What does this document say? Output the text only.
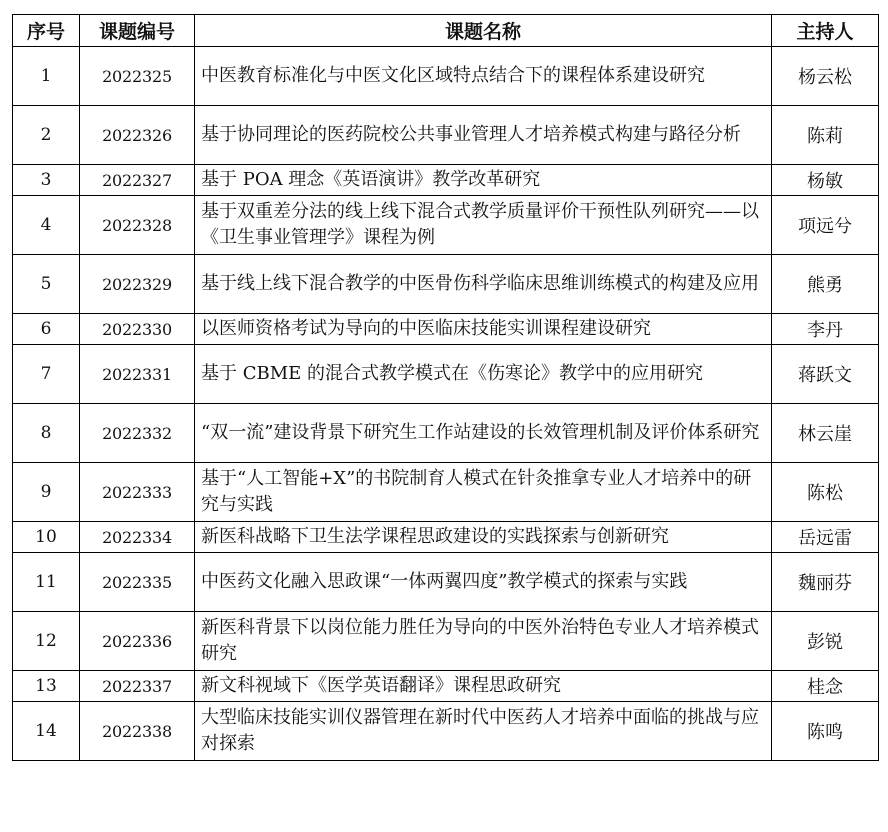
序号	课题编号	课题名称	主持人
1	2022325	中医教育标准化与中医文化区域特点结合下的课程体系建设研究	杨云松
2	2022326	基于协同理论的医药院校公共事业管理人才培养模式构建与路径分析	陈莉
3	2022327	基于 POA 理念《英语演讲》教学改革研究	杨敏
4	2022328	基于双重差分法的线上线下混合式教学质量评价干预性队列研究——以《卫生事业管理学》课程为例	项远兮
5	2022329	基于线上线下混合教学的中医骨伤科学临床思维训练模式的构建及应用	熊勇
6	2022330	以医师资格考试为导向的中医临床技能实训课程建设研究	李丹
7	2022331	基于 CBME 的混合式教学模式在《伤寒论》教学中的应用研究	蒋跃文
8	2022332	“双一流”建设背景下研究生工作站建设的长效管理机制及评价体系研究	林云崖
9	2022333	基于“人工智能+X”的书院制育人模式在针灸推拿专业人才培养中的研究与实践	陈松
10	2022334	新医科战略下卫生法学课程思政建设的实践探索与创新研究	岳远雷
11	2022335	中医药文化融入思政课“一体两翼四度”教学模式的探索与实践	魏丽芬
12	2022336	新医科背景下以岗位能力胜任为导向的中医外治特色专业人才培养模式研究	彭锐
13	2022337	新文科视域下《医学英语翻译》课程思政研究	桂念
14	2022338	大型临床技能实训仪器管理在新时代中医药人才培养中面临的挑战与应对探索	陈鸣
